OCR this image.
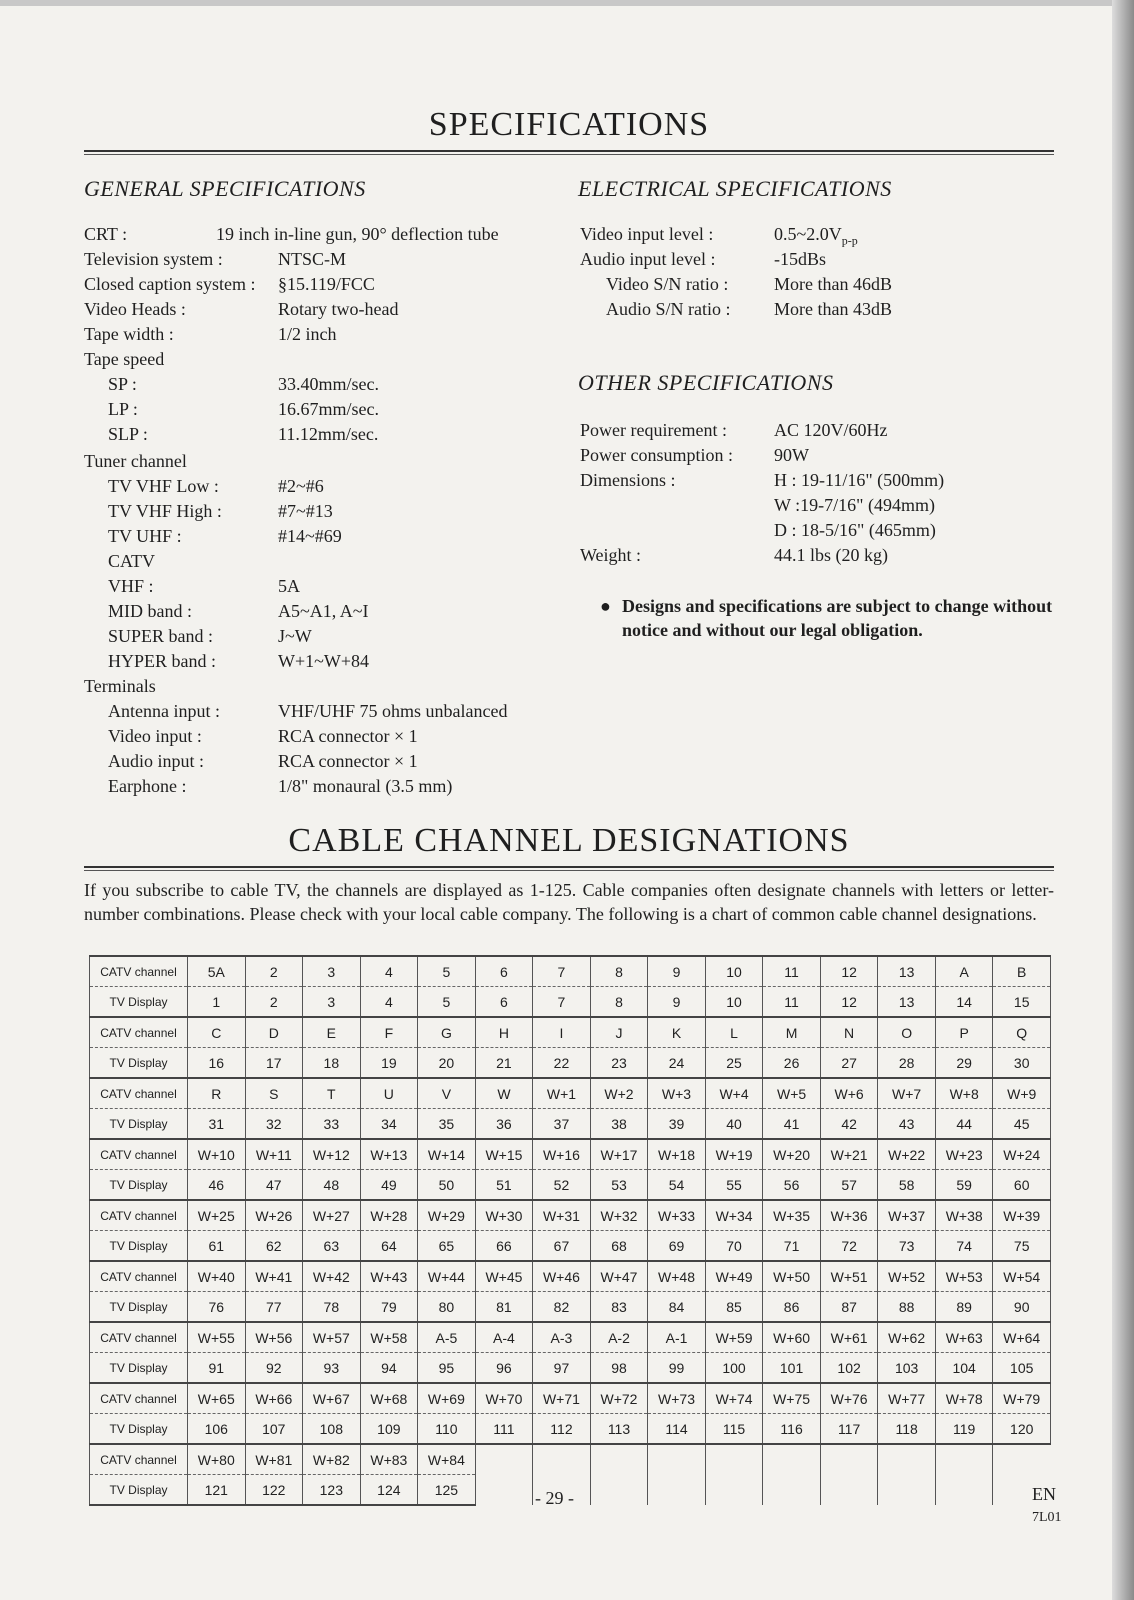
SPECIFICATIONS
GENERAL SPECIFICATIONS	ELECTRICAL SPECIFICATIONS
CRT :	19 inch in-line gun, 90° deflection tube
Television system :	NTSC-M
Closed caption system : §15.119/FCC
Video Heads :	Rotary two-head
Tape width :	1/2 inch
Tape speed
SP :	33.40mm/sec.
LP :	16.67mm/sec.
SLP :	11.12mm/sec.
Tuner channel
TV VHF Low :	#2~#6
TV VHF High :	#7~#13
TV UHF :	#14~#69
CATV
VHF :	5A
MID band :	A5~A1, A~I
SUPER band :	J~W
HYPER band :	W+1~W+84
Terminals
Antenna input :	VHF/UHF 75 ohms unbalanced
Video input :	RCA connector × 1
Audio input :	RCA connector × 1
Earphone :	1/8" monaural (3.5 mm)
Video input level :	$0.5\sim 2.0V_{p-p}$
Audio input level :	-15dBs
Video S/N ratio :	More than 46dB
Audio S/N ratio : More than 43dB
OTHER SPECIFICATIONS
Power requirement :	AC 120V/60Hz
Power consumption : 90W
Dimensions :	H : 19-11/16" (500mm)
W :19-7/16" (494mm)
D : 18-5/16" (465mm)
Weight :	44.1 lbs (20 kg)
● Designs and specifications are subject to change without notice and without our legal obligation.
CABLE CHANNEL DESIGNATIONS
If you subscribe to cable TV, the channels are displayed as 1-125. Cable companies often designate channels with letters or letter-number combinations. Please check with your local cable company. The following is a chart of common cable channel designations.
CATV channel	5A	2	3	4	5	6	7	8	9	10	11	12	13	A	B
TV Display	1	2	3	4	5	6	7	8	9	10	11	12	13	14	15
CATV channel	C	D	E	F	G	H	I	J	K	L	M	N	O	P	Q
TV Display	16	17	18	19	20	21	22	23	24	25	26	27	28	29	30
CATV channel	R	S	T	U	V	W	W+1	W+2	W+3	W+4	W+5	W+6	W+7	W+8	W+9
TV Display	31	32	33	34	35	36	37	38	39	40	41	42	43	44	45
CATV channel	W+10	W+11	W+12	W+13	W+14	W+15	W+16	W+17	W+18	W+19	W+20	W+21	W+22	W+23	W+24
TV Display	46	47	48	49	50	51	52	53	54	55	56	57	58	59	60
CATV channel	W+25	W+26	W+27	W+28	W+29	W+30	W+31	W+32	W+33	W+34	W+35	W+36	W+37	W+38	W+39
TV Display	61	62	63	64	65	66	67	68	69	70	71	72	73	74	75
CATV channel	W+40	W+41	W+42	W+43	W+44	W+45	W+46	W+47	W+48	W+49	W+50	W+51	W+52	W+53	W+54
TV Display	76	77	78	79	80	81	82	83	84	85	86	87	88	89	90
CATV channel	W+55	W+56	W+57	W+58	A-5	A-4	A-3	A-2	A-1	W+59	W+60	W+61	W+62	W+63	W+64
TV Display	91	92	93	94	95	96	97	98	99	100	101	102	103	104	105
CATV channel	W+65	W+66	W+67	W+68	W+69	W+70	W+71	W+72	W+73	W+74	W+75	W+76	W+77	W+78	W+79
TV Display	106	107	108	109	110	111	112	113	114	115	116	117	118	119	120
CATV channel	W+80	W+81	W+82	W+83	W+84										
TV Display	121	122	123	124	125											- 29 -	EN
7L01
